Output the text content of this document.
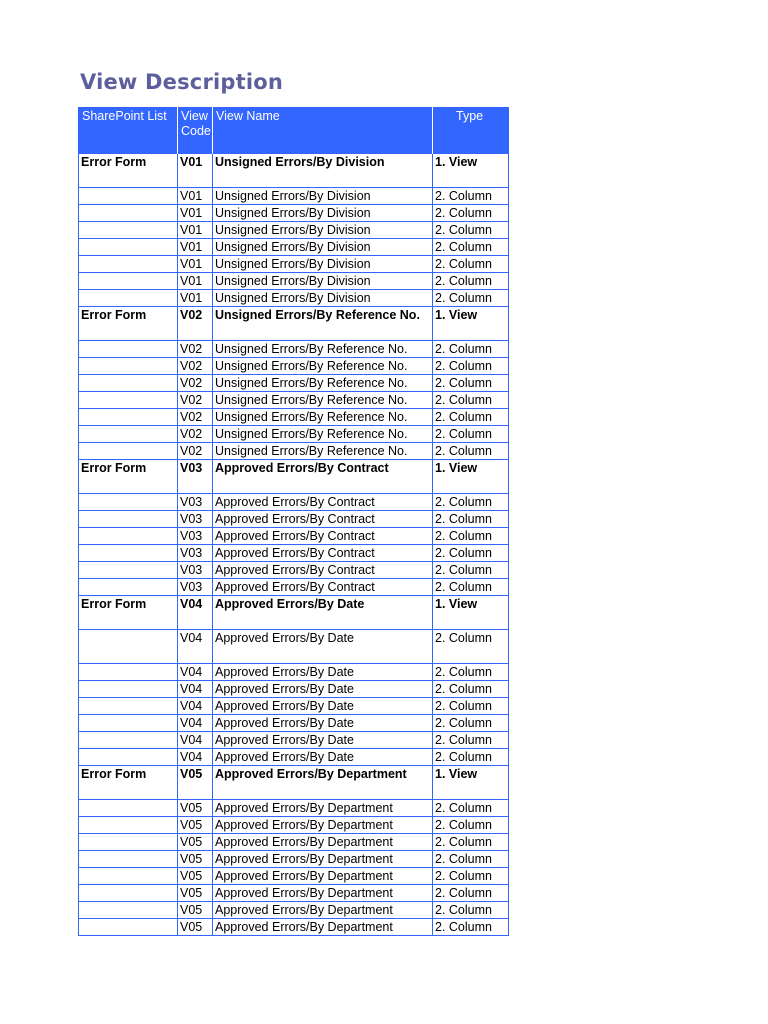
View Description
SharePoint List	View Code	View Name	Type
Error Form	V01	Unsigned Errors/By Division	1. View
	V01	Unsigned Errors/By Division	2. Column
	V01	Unsigned Errors/By Division	2. Column
	V01	Unsigned Errors/By Division	2. Column
	V01	Unsigned Errors/By Division	2. Column
	V01	Unsigned Errors/By Division	2. Column
	V01	Unsigned Errors/By Division	2. Column
	V01	Unsigned Errors/By Division	2. Column
Error Form	V02	Unsigned Errors/By Reference No.	1. View
	V02	Unsigned Errors/By Reference No.	2. Column
	V02	Unsigned Errors/By Reference No.	2. Column
	V02	Unsigned Errors/By Reference No.	2. Column
	V02	Unsigned Errors/By Reference No.	2. Column
	V02	Unsigned Errors/By Reference No.	2. Column
	V02	Unsigned Errors/By Reference No.	2. Column
	V02	Unsigned Errors/By Reference No.	2. Column
Error Form	V03	Approved Errors/By Contract	1. View
	V03	Approved Errors/By Contract	2. Column
	V03	Approved Errors/By Contract	2. Column
	V03	Approved Errors/By Contract	2. Column
	V03	Approved Errors/By Contract	2. Column
	V03	Approved Errors/By Contract	2. Column
	V03	Approved Errors/By Contract	2. Column
Error Form	V04	Approved Errors/By Date	1. View
	V04	Approved Errors/By Date	2. Column
	V04	Approved Errors/By Date	2. Column
	V04	Approved Errors/By Date	2. Column
	V04	Approved Errors/By Date	2. Column
	V04	Approved Errors/By Date	2. Column
	V04	Approved Errors/By Date	2. Column
	V04	Approved Errors/By Date	2. Column
Error Form	V05	Approved Errors/By Department	1. View
	V05	Approved Errors/By Department	2. Column
	V05	Approved Errors/By Department	2. Column
	V05	Approved Errors/By Department	2. Column
	V05	Approved Errors/By Department	2. Column
	V05	Approved Errors/By Department	2. Column
	V05	Approved Errors/By Department	2. Column
	V05	Approved Errors/By Department	2. Column
	V05	Approved Errors/By Department	2. Column
